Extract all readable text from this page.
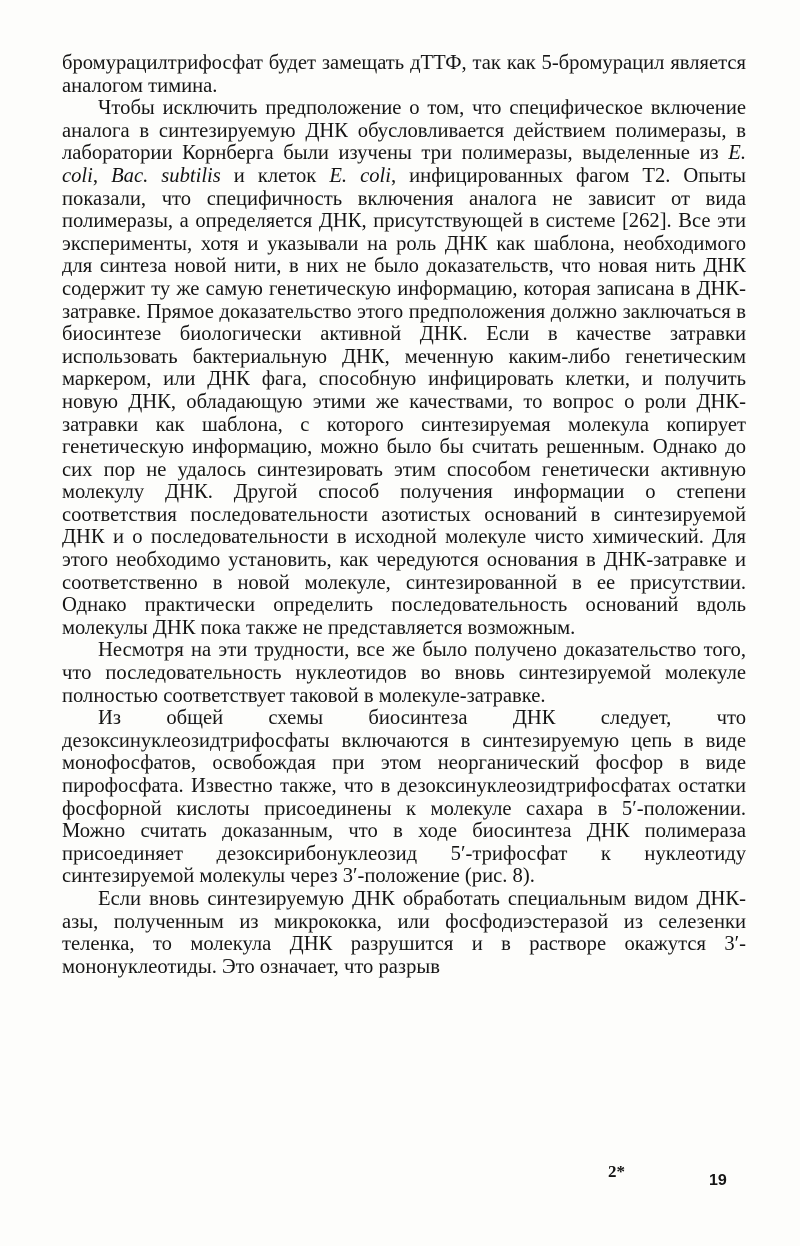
бромурацилтрифосфат будет замещать дТТФ, так как 5-бромурацил является аналогом тимина.

Чтобы исключить предположение о том, что специфическое включение аналога в синтезируемую ДНК обусловливается действием полимеразы, в лаборатории Корнберга были изучены три полимеразы, выделенные из E. coli, Bac. subtilis и клеток E. coli, инфицированных фагом Т2. Опыты показали, что специфичность включения аналога не зависит от вида полимеразы, а определяется ДНК, присутствующей в системе [262]. Все эти эксперименты, хотя и указывали на роль ДНК как шаблона, необходимого для синтеза новой нити, в них не было доказательств, что новая нить ДНК содержит ту же самую генетическую информацию, которая записана в ДНК-затравке. Прямое доказательство этого предположения должно заключаться в биосинтезе биологически активной ДНК. Если в качестве затравки использовать бактериальную ДНК, меченную каким-либо генетическим маркером, или ДНК фага, способную инфицировать клетки, и получить новую ДНК, обладающую этими же качествами, то вопрос о роли ДНК-затравки как шаблона, с которого синтезируемая молекула копирует генетическую информацию, можно было бы считать решенным. Однако до сих пор не удалось синтезировать этим способом генетически активную молекулу ДНК. Другой способ получения информации о степени соответствия последовательности азотистых оснований в синтезируемой ДНК и о последовательности в исходной молекуле чисто химический. Для этого необходимо установить, как чередуются основания в ДНК-затравке и соответственно в новой молекуле, синтезированной в ее присутствии. Однако практически определить последовательность оснований вдоль молекулы ДНК пока также не представляется возможным.

Несмотря на эти трудности, все же было получено доказательство того, что последовательность нуклеотидов во вновь синтезируемой молекуле полностью соответствует таковой в молекуле-затравке.

Из общей схемы биосинтеза ДНК следует, что дезоксинуклеозидтрифосфаты включаются в синтезируемую цепь в виде монофосфатов, освобождая при этом неорганический фосфор в виде пирофосфата. Известно также, что в дезоксинуклеозидтрифосфатах остатки фосфорной кислоты присоединены к молекуле сахара в 5′-положении. Можно считать доказанным, что в ходе биосинтеза ДНК полимераза присоединяет дезоксирибонуклеозид 5′-трифосфат к нуклеотиду синтезируемой молекулы через 3′-положение (рис. 8).

Если вновь синтезируемую ДНК обработать специальным видом ДНК-азы, полученным из микрококка, или фосфодиэстеразой из селезенки теленка, то молекула ДНК разрушится и в растворе окажутся 3′-мононуклеотиды. Это означает, что разрыв

2*	19
